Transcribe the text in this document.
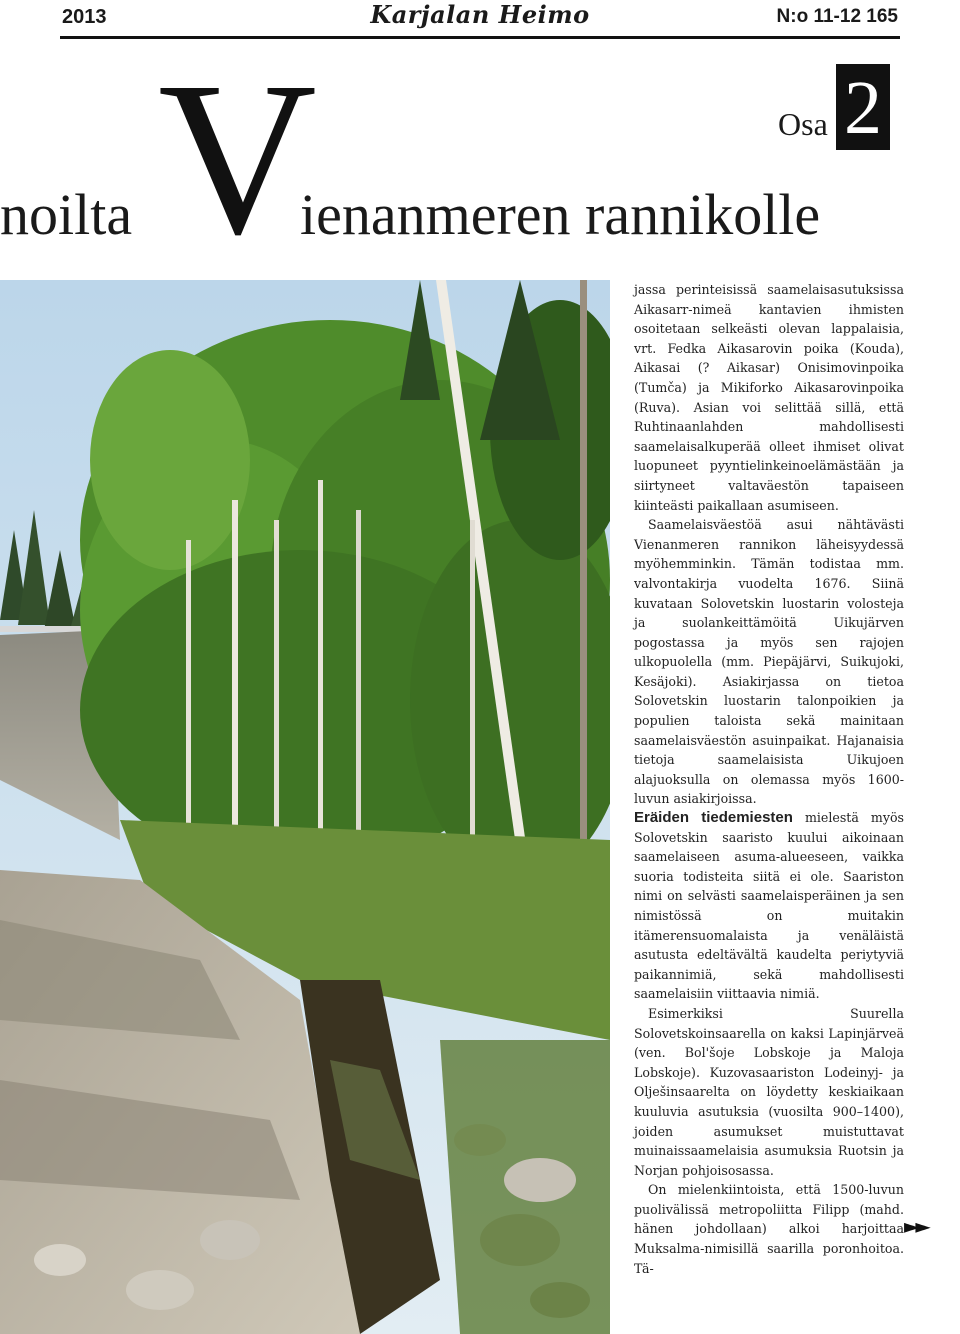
2013	Karjalan Heimo	N:o 11-12 165
V
noilta	ienanmeren rannikolle
Osa 2

jassa perinteisissä saamelaisasutuksissa Aikasarr-nimeä kantavien ihmisten osoitetaan selkeästi olevan lappalaisia, vrt. Fedka Aikasarovin poika (Kouda), Aikasai (? Aikasar) Onisimovinpoika (Tumča) ja Mikiforko Aikasarovinpoika (Ruva). Asian voi selittää sillä, että Ruhtinaanlahden mahdollisesti saamelaisalkuperää olleet ihmiset olivat luopuneet pyyntielinkeinoelämästään ja siirtyneet valtaväestön tapaiseen kiinteästi paikallaan asumiseen.

Saamelaisväestöä asui nähtävästi Vienanmeren rannikon läheisyydessä myöhemminkin. Tämän todistaa mm. valvontakirja vuodelta 1676. Siinä kuvataan Solovetskin luostarin volosteja ja suolankeittämöitä Uikujärven pogostassa ja myös sen rajojen ulkopuolella (mm. Piepäjärvi, Suikujoki, Kesäjoki). Asiakirjassa on tietoa Solovetskin luostarin talonpoikien ja populien taloista sekä mainitaan saamelaisväestön asuinpaikat. Hajanaisia tietoja saamelaisista Uikujoen alajuoksulla on olemassa myös 1600-luvun asiakirjoissa.

Eräiden tiedemiesten mielestä myös Solovetskin saaristo kuului aikoinaan saamelaiseen asuma-alueeseen, vaikka suoria todisteita siitä ei ole. Saariston nimi on selvästi saamelaisperäinen ja sen nimistössä on muitakin itämerensuomalaista ja venäläistä asutusta edeltävältä kaudelta periytyviä paikannimiä, sekä mahdollisesti saamelaisiin viittaavia nimiä.

Esimerkiksi Suurella Solovetskoinsaarella on kaksi Lapinjärveä (ven. Bol'šoje Lobskoje ja Maloja Lobskoje). Kuzovasaariston Lodeinyj- ja Olješinsaarelta on löydetty keskiaikaan kuuluvia asutuksia (vuosilta 900–1400), joiden asumukset muistuttavat muinaissaamelaisia asumuksia Ruotsin ja Norjan pohjoisosassa.

On mielenkiintoista, että 1500-luvun puolivälissä metropoliitta Filipp (mahd. hänen johdollaan) alkoi harjoittaa Muksalma-nimisillä saarilla poronhoitoa. Tä-

►►
